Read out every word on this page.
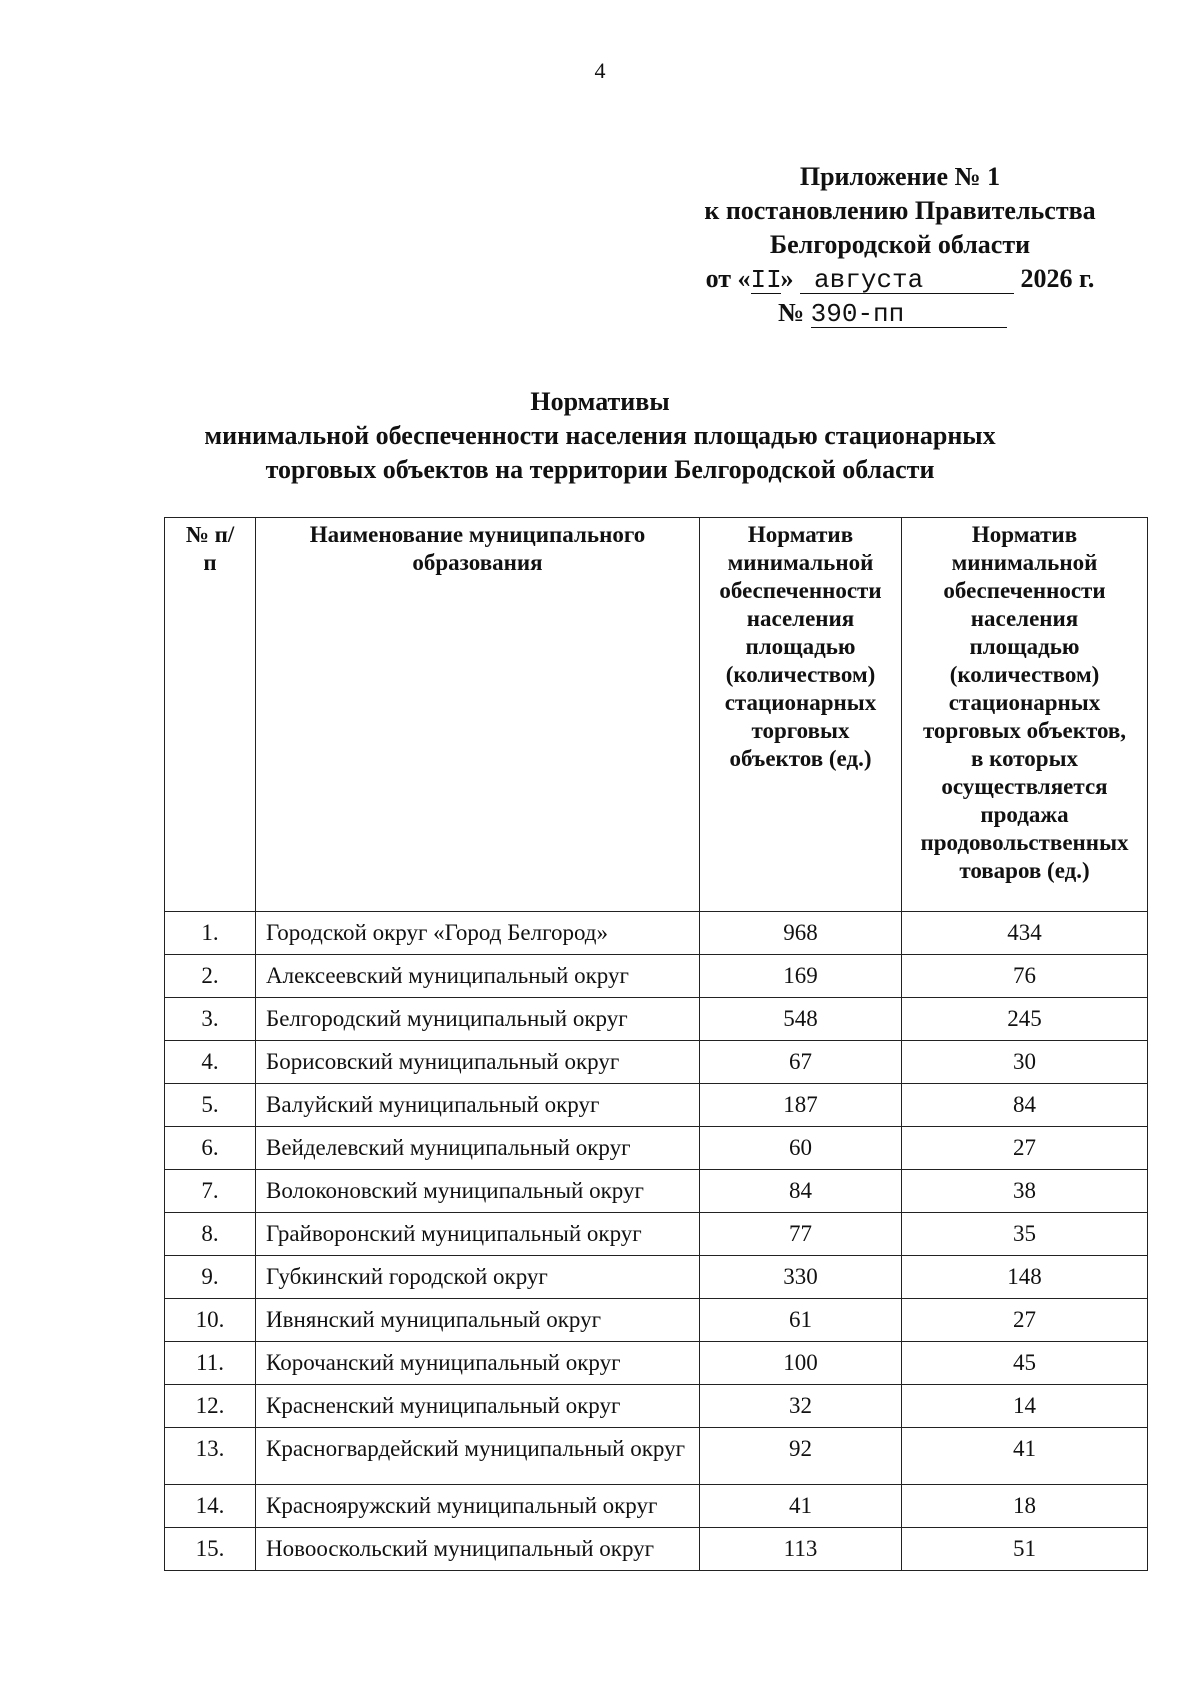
4
Приложение № 1
к постановлению Правительства
Белгородской области
от «II» августа	2026 г.
№ 390-пп
Нормативы
минимальной обеспеченности населения площадью стационарных
торговых объектов на территории Белгородской области
№ п/п	Наименование муниципального образования	Норматив минимальной обеспеченности населения площадью (количеством) стационарных торговых объектов (ед.)	Норматив минимальной обеспеченности населения площадью (количеством) стационарных торговых объектов, в которых осуществляется продажа продовольственных товаров (ед.)
1.	Городской округ «Город Белгород»	968	434
2.	Алексеевский муниципальный округ	169	76
3.	Белгородский муниципальный округ	548	245
4.	Борисовский муниципальный округ	67	30
5.	Валуйский муниципальный округ	187	84
6.	Вейделевский муниципальный округ	60	27
7.	Волоконовский муниципальный округ	84	38
8.	Грайворонский муниципальный округ	77	35
9.	Губкинский городской округ	330	148
10.	Ивнянский муниципальный округ	61	27
11.	Корочанский муниципальный округ	100	45
12.	Красненский муниципальный округ	32	14
13.	Красногвардейский муниципальный округ	92	41
14.	Краснояружский муниципальный округ	41	18
15.	Новооскольский муниципальный округ	113	51
